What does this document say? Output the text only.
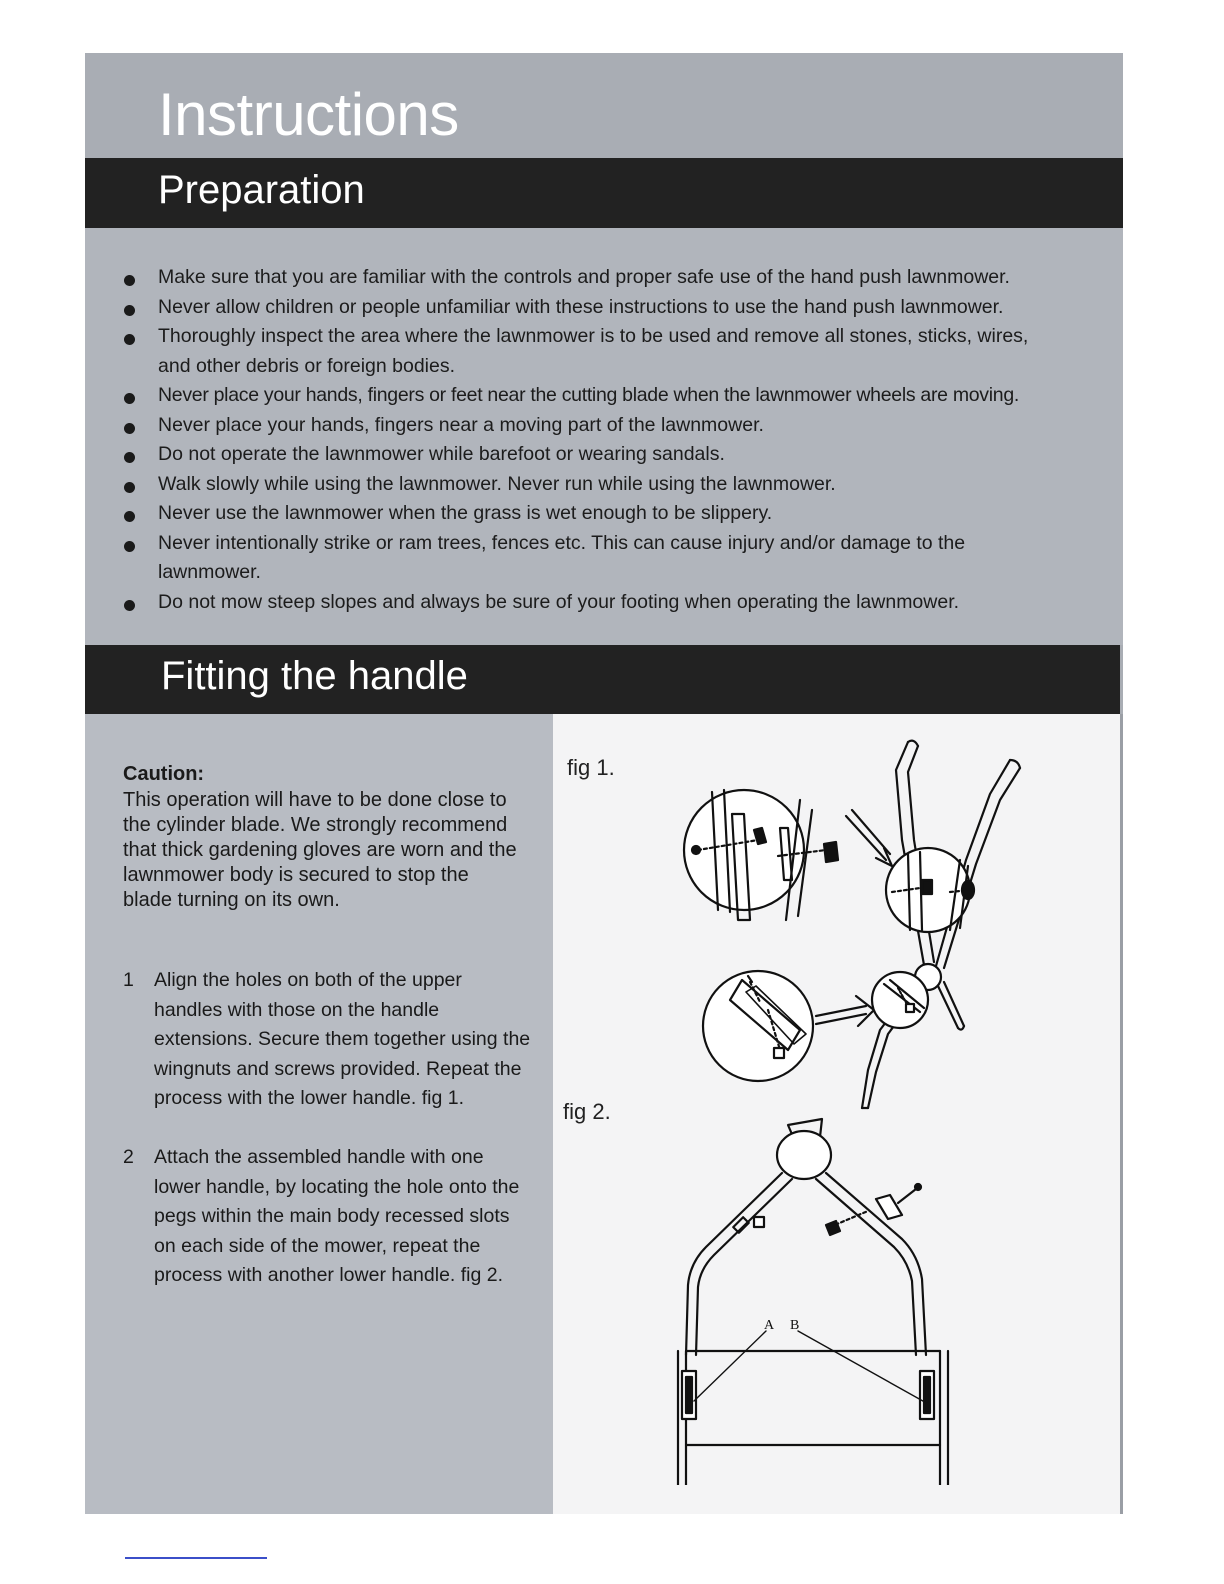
Instructions
Preparation
Make sure that you are familiar with the controls and proper safe use of the hand push lawnmower.
Never allow children or people unfamiliar with these instructions to use the hand push lawnmower.
Thoroughly inspect the area where the lawnmower is to be used and remove all stones, sticks, wires, and other debris or foreign bodies.
Never place your hands, fingers or feet near the cutting blade when the lawnmower wheels are moving.
Never place your hands, fingers near a moving part of the lawnmower.
Do not operate the lawnmower while barefoot or wearing sandals.
Walk slowly while using the lawnmower. Never run while using the lawnmower.
Never use the lawnmower when the grass is wet enough to be slippery.
Never intentionally strike or ram trees, fences etc. This can cause injury and/or damage to the lawnmower.
Do not mow steep slopes and always be sure of your footing when operating the lawnmower.
Fitting the handle
Caution:

This operation will have to be done close to the cylinder blade. We strongly recommend that thick gardening gloves are worn and the lawnmower body is secured to stop the blade turning on its own.

1 Align the holes on both of the upper handles with those on the handle extensions. Secure them together using the wingnuts and screws provided. Repeat the process with the lower handle. fig 1.
2 Attach the assembled handle with one lower handle, by locating the hole onto the pegs within the main body recessed slots on each side of the mower, repeat the process with another lower handle. fig 2.
fig 1.
fig 2.
A B
